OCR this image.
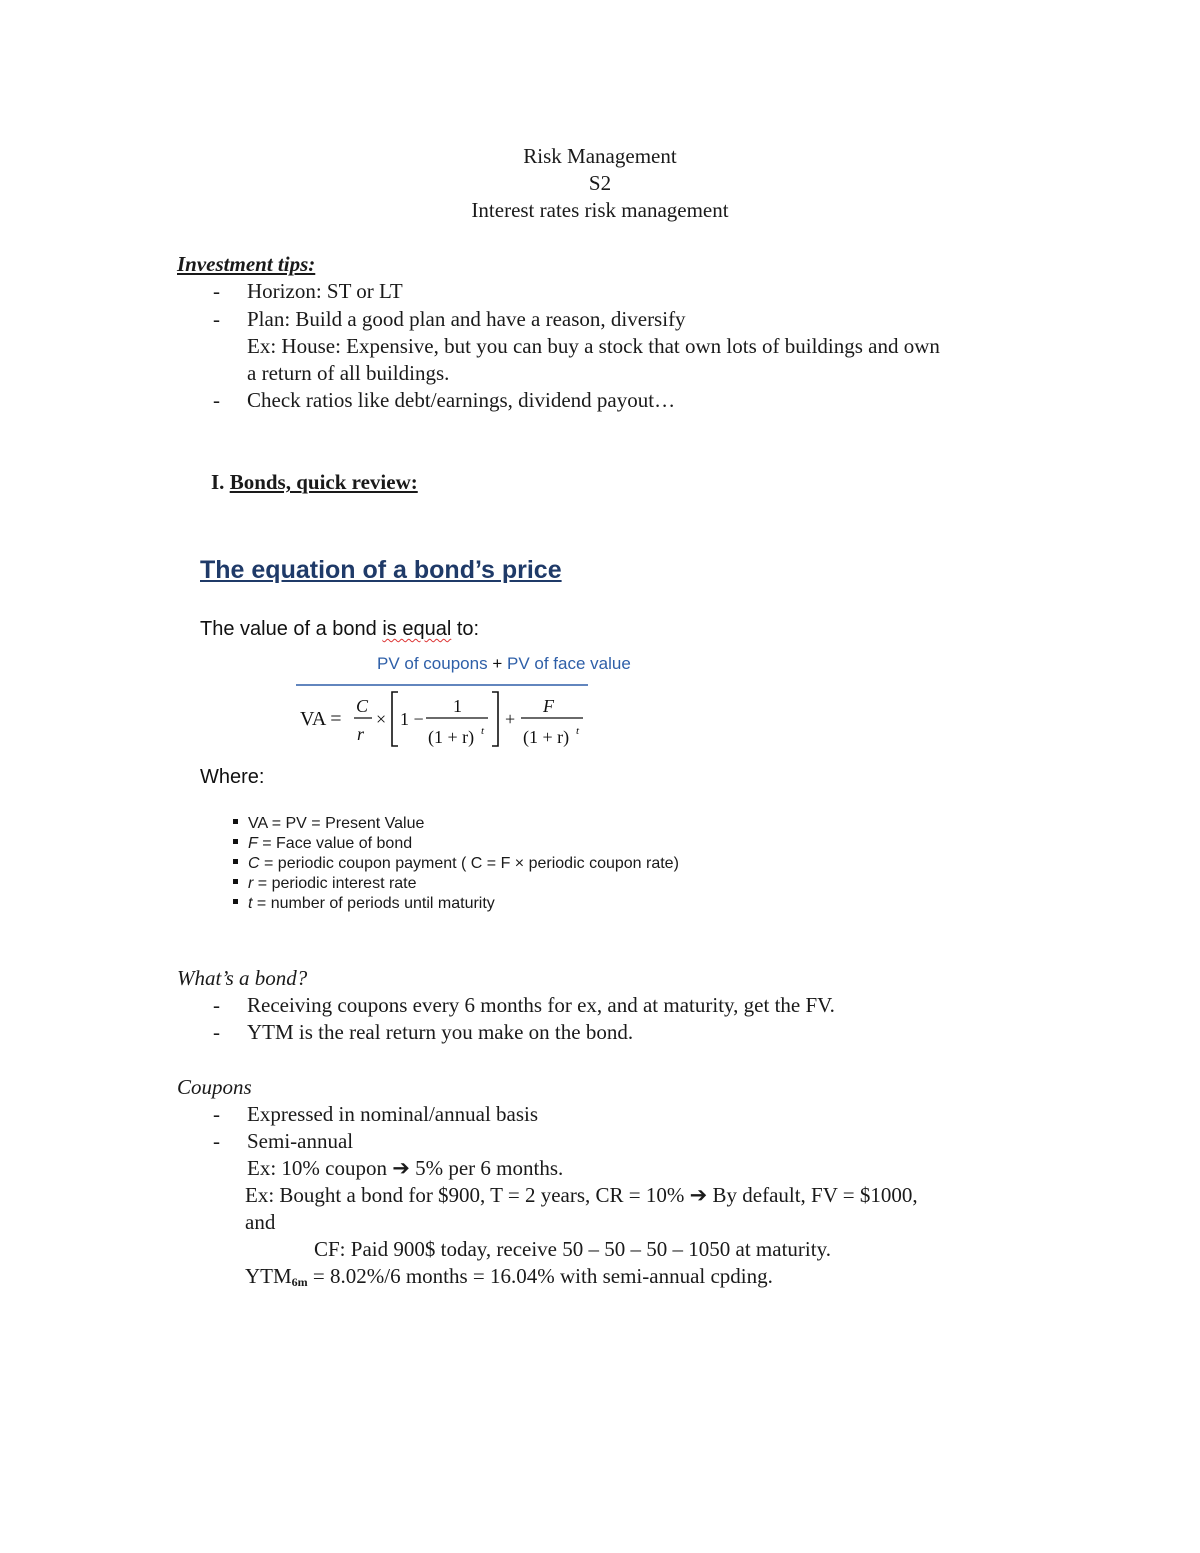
Risk Management
S2
Interest rates risk management
Investment tips:
- Horizon: ST or LT
- Plan: Build a good plan and have a reason, diversify
Ex: House: Expensive, but you can buy a stock that own lots of buildings and own
a return of all buildings.
- Check ratios like debt/earnings, dividend payout…
I. Bonds, quick review:
The equation of a bond’s price
The value of a bond is equal to:
PV of coupons + PV of face value
VA =
C
r
× 1 −
1
(1 + r) t
+
F
(1 + r) t
Where:
VA = PV = Present Value
F = Face value of bond
C = periodic coupon payment ( C = F × periodic coupon rate)
r = periodic interest rate
t = number of periods until maturity
What’s a bond?
- Receiving coupons every 6 months for ex, and at maturity, get the FV.
- YTM is the real return you make on the bond.
Coupons
- Expressed in nominal/annual basis
- Semi-annual
Ex: 10% coupon ➔ 5% per 6 months.
Ex: Bought a bond for $900, T = 2 years, CR = 10% ➔ By default, FV = $1000,
and
CF: Paid 900$ today, receive 50 – 50 – 50 – 1050 at maturity.
$YTM_{6m} = 8.02\%/6$ months = 16.04% with semi-annual cpding.
